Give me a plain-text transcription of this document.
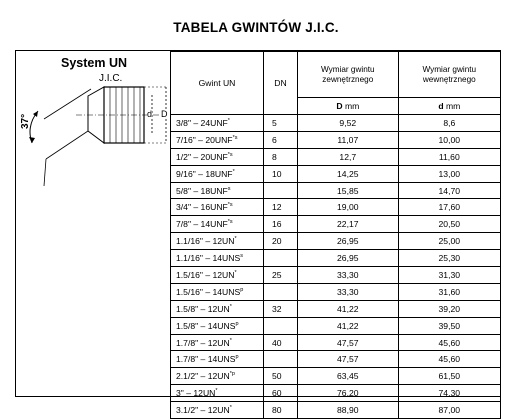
TABELA GWINTÓW J.I.C.
System UN
J.I.C.
37°	d D
Gwint UN	DN	Wymiar gwintu zewnętrznego	Wymiar gwintu wewnętrznego
		D mm	d mm
3/8" – 24UNF*	5	9,52	8,6
7/16" – 20UNF$^{*s}$	6	11,07	10,00
1/2" – 20UNF$^{*s}$	8	12,7	11,60
9/16" – 18UNF*	10	14,25	13,00
5/8" – 18UNF$^s$		15,85	14,70
3/4" – 16UNF$^{*s}$	12	19,00	17,60
7/8" – 14UNF$^{*s}$	16	22,17	20,50
1.1/16" – 12UN*	20	26,95	25,00
1.1/16" – 14UNS$^s$		26,95	25,30
1.5/16" – 12UN*	25	33,30	31,30
1.5/16" – 14UNS$^p$		33,30	31,60
1.5/8" – 12UN*	32	41,22	39,20
1.5/8" – 14UNS$^p$		41,22	39,50
1.7/8" – 12UN*	40	47,57	45,60
1.7/8" – 14UNS$^p$		47,57	45,60
2.1/2" – 12UN$^{*p}$	50	63,45	61,50
3" – 12UN*	60	76,20	74,30
3.1/2" – 12UN*	80	88,90	87,00
